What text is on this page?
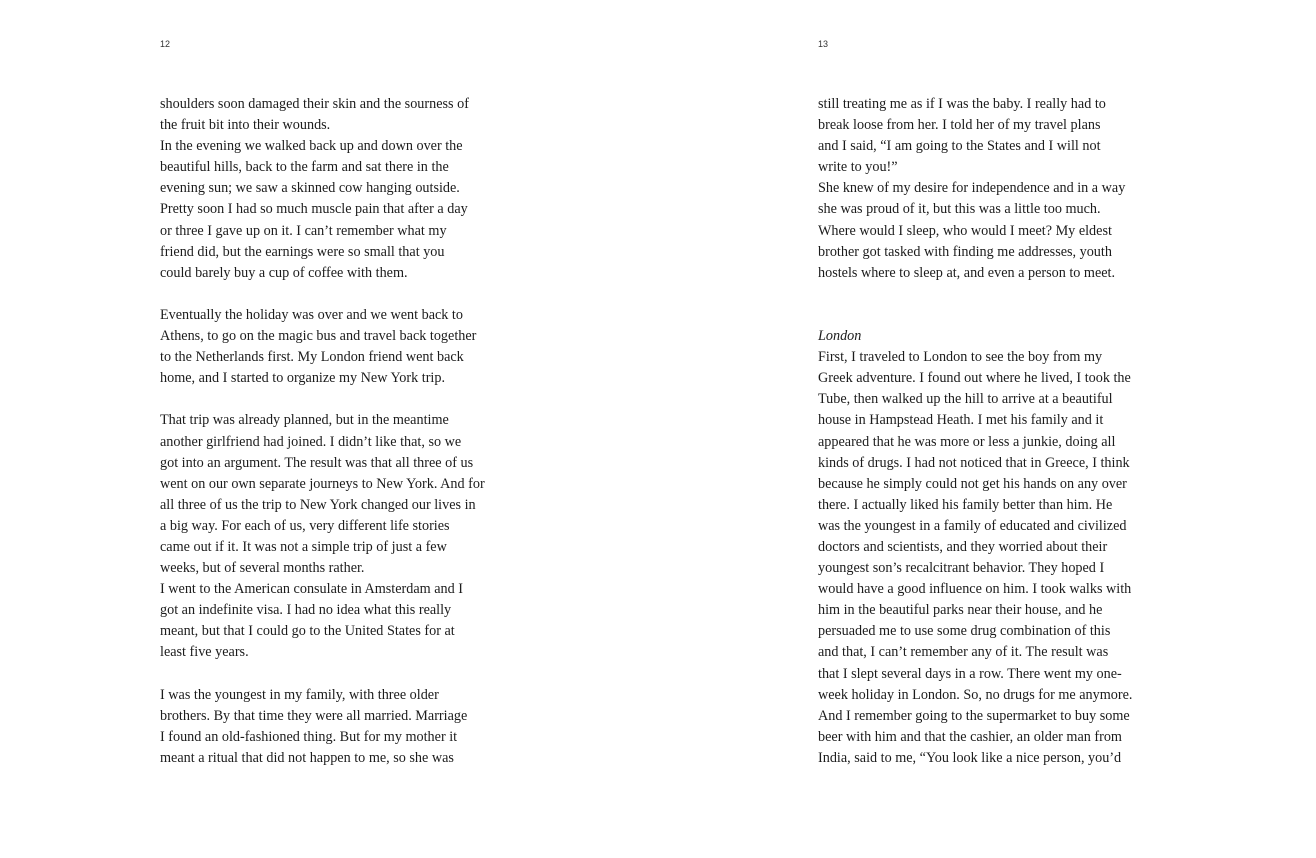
12
shoulders soon damaged their skin and the sourness of
the fruit bit into their wounds.
In the evening we walked back up and down over the
beautiful hills, back to the farm and sat there in the
evening sun; we saw a skinned cow hanging outside.
Pretty soon I had so much muscle pain that after a day
or three I gave up on it. I can’t remember what my
friend did, but the earnings were so small that you
could barely buy a cup of coffee with them.
Eventually the holiday was over and we went back to
Athens, to go on the magic bus and travel back together
to the Netherlands first. My London friend went back
home, and I started to organize my New York trip.
That trip was already planned, but in the meantime
another girlfriend had joined. I didn’t like that, so we
got into an argument. The result was that all three of us
went on our own separate journeys to New York. And for
all three of us the trip to New York changed our lives in
a big way. For each of us, very different life stories
came out if it. It was not a simple trip of just a few
weeks, but of several months rather.
I went to the American consulate in Amsterdam and I
got an indefinite visa. I had no idea what this really
meant, but that I could go to the United States for at
least five years.
I was the youngest in my family, with three older
brothers. By that time they were all married. Marriage
I found an old-fashioned thing. But for my mother it
meant a ritual that did not happen to me, so she was
13
still treating me as if I was the baby. I really had to
break loose from her. I told her of my travel plans
and I said, “I am going to the States and I will not
write to you!”
She knew of my desire for independence and in a way
she was proud of it, but this was a little too much.
Where would I sleep, who would I meet? My eldest
brother got tasked with finding me addresses, youth
hostels where to sleep at, and even a person to meet.
London
First, I traveled to London to see the boy from my
Greek adventure. I found out where he lived, I took the
Tube, then walked up the hill to arrive at a beautiful
house in Hampstead Heath. I met his family and it
appeared that he was more or less a junkie, doing all
kinds of drugs. I had not noticed that in Greece, I think
because he simply could not get his hands on any over
there. I actually liked his family better than him. He
was the youngest in a family of educated and civilized
doctors and scientists, and they worried about their
youngest son’s recalcitrant behavior. They hoped I
would have a good influence on him. I took walks with
him in the beautiful parks near their house, and he
persuaded me to use some drug combination of this
and that, I can’t remember any of it. The result was
that I slept several days in a row. There went my one-
week holiday in London. So, no drugs for me anymore.
And I remember going to the supermarket to buy some
beer with him and that the cashier, an older man from
India, said to me, “You look like a nice person, you’d
